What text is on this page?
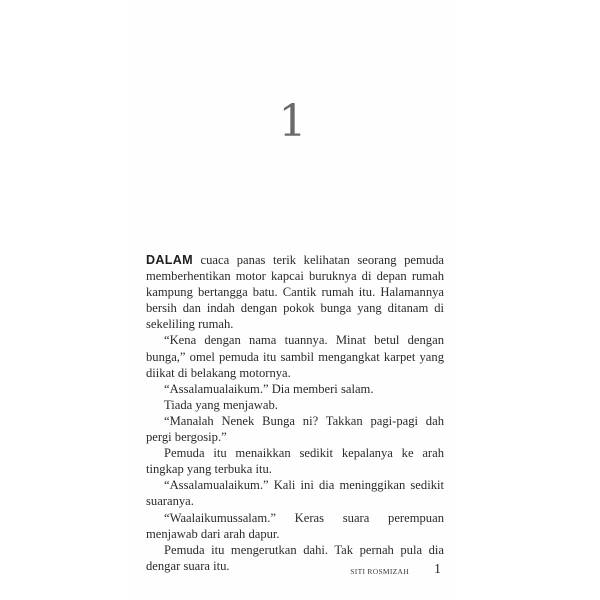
1

DALAM cuaca panas terik kelihatan seorang pemuda memberhentikan motor kapcai buruknya di depan rumah kampung bertangga batu. Cantik rumah itu. Halamannya bersih dan indah dengan pokok bunga yang ditanam di sekeliling rumah.

“Kena dengan nama tuannya. Minat betul dengan bunga,” omel pemuda itu sambil mengangkat karpet yang diikat di belakang motornya.

“Assalamualaikum.” Dia memberi salam.

Tiada yang menjawab.

“Manalah Nenek Bunga ni? Takkan pagi-pagi dah pergi bergosip.”

Pemuda itu menaikkan sedikit kepalanya ke arah tingkap yang terbuka itu.

“Assalamualaikum.” Kali ini dia meninggikan sedikit suaranya.

“Waalaikumussalam.” Keras suara perempuan menjawab dari arah dapur.

Pemuda itu mengerutkan dahi. Tak pernah pula dia dengar suara itu.	SITI ROSMIZAH 1
